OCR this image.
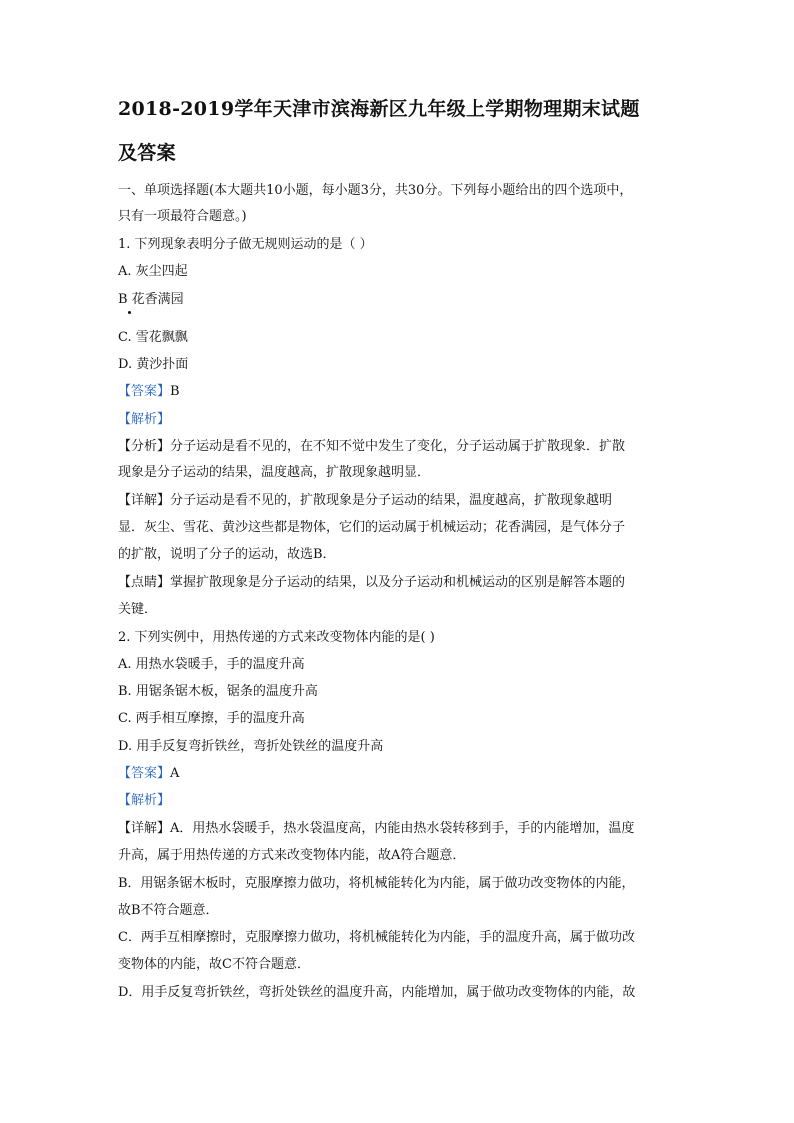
2018-2019学年天津市滨海新区九年级上学期物理期末试题
及答案
一、单项选择题(本大题共10小题，每小题3分，共30分。下列每小题给出的四个选项中，
只有一项最符合题意。)
1. 下列现象表明分子做无规则运动的是（ ）
A. 灰尘四起
B 花香满园
C. 雪花飘飘
D. 黄沙扑面
【答案】B
【解析】
【分析】分子运动是看不见的，在不知不觉中发生了变化，分子运动属于扩散现象．扩散
现象是分子运动的结果，温度越高，扩散现象越明显．
【详解】分子运动是看不见的，扩散现象是分子运动的结果，温度越高，扩散现象越明
显．灰尘、雪花、黄沙这些都是物体，它们的运动属于机械运动；花香满园，是气体分子
的扩散，说明了分子的运动，故选B．
【点睛】掌握扩散现象是分子运动的结果，以及分子运动和机械运动的区别是解答本题的
关键．
2. 下列实例中，用热传递的方式来改变物体内能的是( )
A. 用热水袋暖手，手的温度升高
B. 用锯条锯木板，锯条的温度升高
C. 两手相互摩擦，手的温度升高
D. 用手反复弯折铁丝，弯折处铁丝的温度升高
【答案】A
【解析】
【详解】A．用热水袋暖手，热水袋温度高，内能由热水袋转移到手，手的内能增加，温度
升高，属于用热传递的方式来改变物体内能，故A符合题意．
B．用锯条锯木板时，克服摩擦力做功，将机械能转化为内能，属于做功改变物体的内能，
故B不符合题意．
C．两手互相摩擦时，克服摩擦力做功，将机械能转化为内能，手的温度升高，属于做功改
变物体的内能，故C不符合题意．
D．用手反复弯折铁丝，弯折处铁丝的温度升高，内能增加，属于做功改变物体的内能，故
